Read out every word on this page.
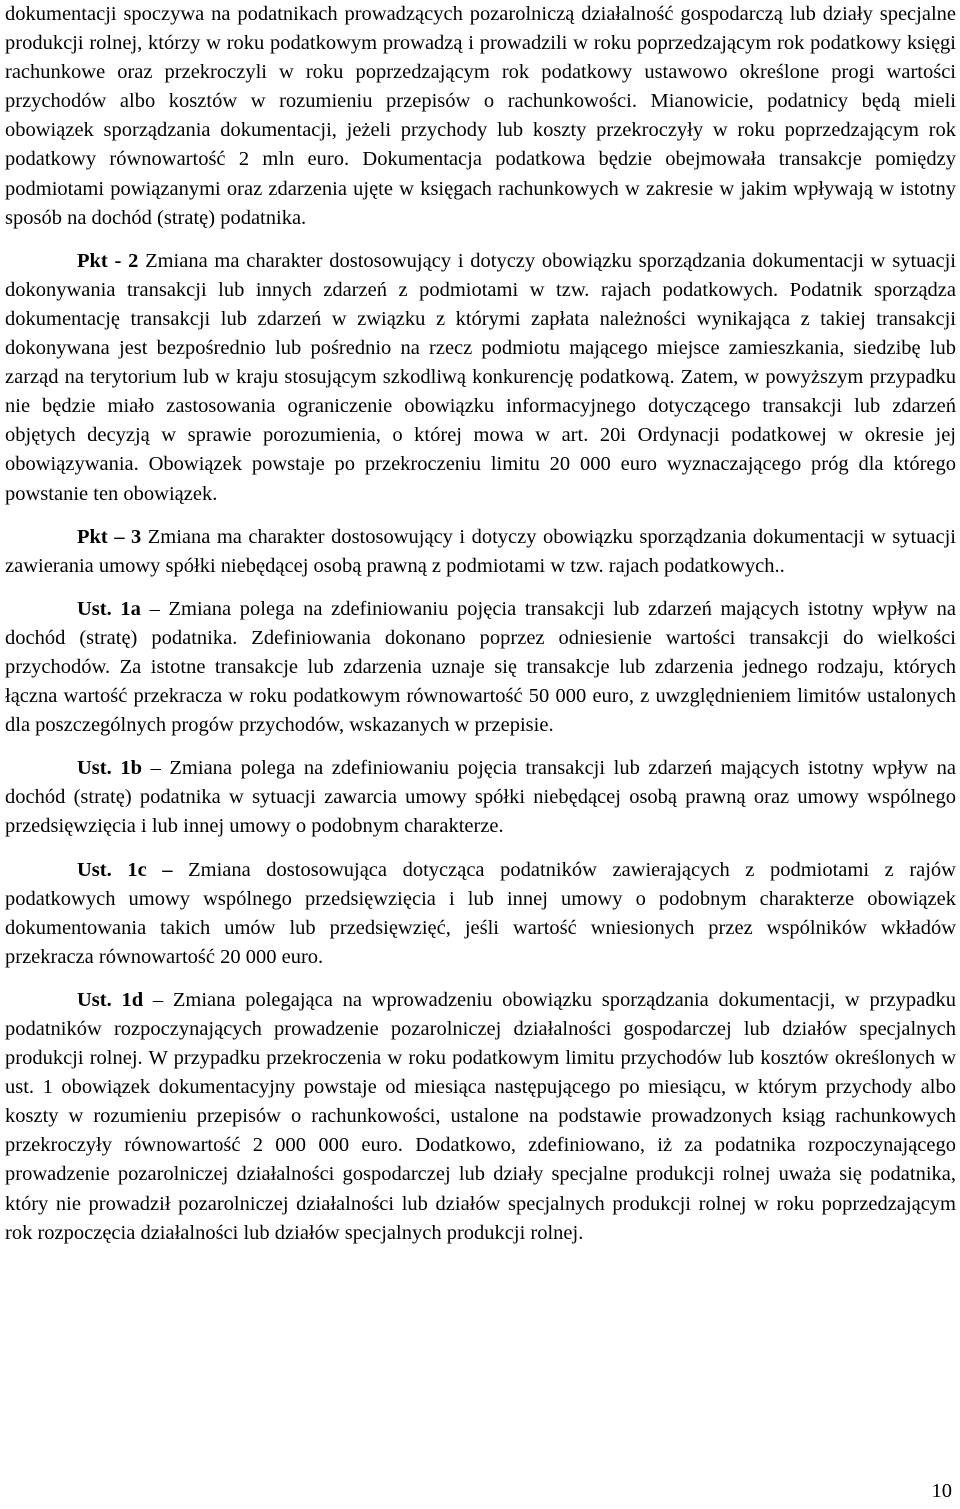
dokumentacji spoczywa na podatnikach prowadzących pozarolniczą działalność gospodarczą lub działy specjalne produkcji rolnej, którzy w roku podatkowym prowadzą i prowadzili w roku poprzedzającym rok podatkowy księgi rachunkowe oraz przekroczyli w roku poprzedzającym rok podatkowy ustawowo określone progi wartości przychodów albo kosztów w rozumieniu przepisów o rachunkowości. Mianowicie, podatnicy będą mieli obowiązek sporządzania dokumentacji, jeżeli przychody lub koszty przekroczyły w roku poprzedzającym rok podatkowy równowartość 2 mln euro. Dokumentacja podatkowa będzie obejmowała transakcje pomiędzy podmiotami powiązanymi oraz zdarzenia ujęte w księgach rachunkowych w zakresie w jakim wpływają w istotny sposób na dochód (stratę) podatnika.

Pkt - 2 Zmiana ma charakter dostosowujący i dotyczy obowiązku sporządzania dokumentacji w sytuacji dokonywania transakcji lub innych zdarzeń z podmiotami w tzw. rajach podatkowych. Podatnik sporządza dokumentację transakcji lub zdarzeń w związku z którymi zapłata należności wynikająca z takiej transakcji dokonywana jest bezpośrednio lub pośrednio na rzecz podmiotu mającego miejsce zamieszkania, siedzibę lub zarząd na terytorium lub w kraju stosującym szkodliwą konkurencję podatkową. Zatem, w powyższym przypadku nie będzie miało zastosowania ograniczenie obowiązku informacyjnego dotyczącego transakcji lub zdarzeń objętych decyzją w sprawie porozumienia, o której mowa w art. 20i Ordynacji podatkowej w okresie jej obowiązywania. Obowiązek powstaje po przekroczeniu limitu 20 000 euro wyznaczającego próg dla którego powstanie ten obowiązek.

Pkt – 3 Zmiana ma charakter dostosowujący i dotyczy obowiązku sporządzania dokumentacji w sytuacji zawierania umowy spółki niebędącej osobą prawną z podmiotami w tzw. rajach podatkowych..

Ust. 1a – Zmiana polega na zdefiniowaniu pojęcia transakcji lub zdarzeń mających istotny wpływ na dochód (stratę) podatnika. Zdefiniowania dokonano poprzez odniesienie wartości transakcji do wielkości przychodów. Za istotne transakcje lub zdarzenia uznaje się transakcje lub zdarzenia jednego rodzaju, których łączna wartość przekracza w roku podatkowym równowartość 50 000 euro, z uwzględnieniem limitów ustalonych dla poszczególnych progów przychodów, wskazanych w przepisie.

Ust. 1b – Zmiana polega na zdefiniowaniu pojęcia transakcji lub zdarzeń mających istotny wpływ na dochód (stratę) podatnika w sytuacji zawarcia umowy spółki niebędącej osobą prawną oraz umowy wspólnego przedsięwzięcia i lub innej umowy o podobnym charakterze.

Ust. 1c – Zmiana dostosowująca dotycząca podatników zawierających z podmiotami z rajów podatkowych umowy wspólnego przedsięwzięcia i lub innej umowy o podobnym charakterze obowiązek dokumentowania takich umów lub przedsięwzięć, jeśli wartość wniesionych przez wspólników wkładów przekracza równowartość 20 000 euro.

Ust. 1d – Zmiana polegająca na wprowadzeniu obowiązku sporządzania dokumentacji, w przypadku podatników rozpoczynających prowadzenie pozarolniczej działalności gospodarczej lub działów specjalnych produkcji rolnej. W przypadku przekroczenia w roku podatkowym limitu przychodów lub kosztów określonych w ust. 1 obowiązek dokumentacyjny powstaje od miesiąca następującego po miesiącu, w którym przychody albo koszty w rozumieniu przepisów o rachunkowości, ustalone na podstawie prowadzonych ksiąg rachunkowych przekroczyły równowartość 2 000 000 euro. Dodatkowo, zdefiniowano, iż za podatnika rozpoczynającego prowadzenie pozarolniczej działalności gospodarczej lub działy specjalne produkcji rolnej uważa się podatnika, który nie prowadził pozarolniczej działalności lub działów specjalnych produkcji rolnej w roku poprzedzającym rok rozpoczęcia działalności lub działów specjalnych produkcji rolnej.

10
